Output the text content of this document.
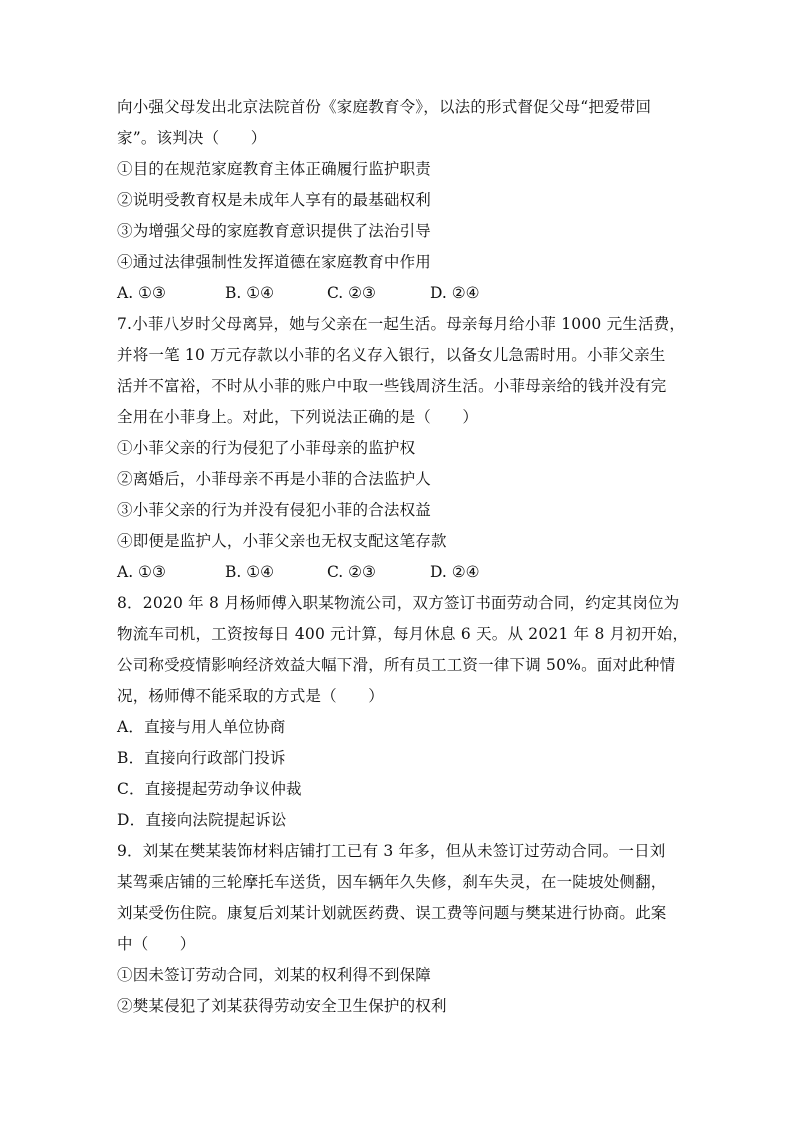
向小强父母发出北京法院首份《家庭教育令》，以法的形式督促父母“把爱带回
家”。该判决（　　）
①目的在规范家庭教育主体正确履行监护职责
②说明受教育权是未成年人享有的最基础权利
③为增强父母的家庭教育意识提供了法治引导
④通过法律强制性发挥道德在家庭教育中作用
A. ①③	B. ①④	C. ②③	D. ②④
7.小菲八岁时父母离异，她与父亲在一起生活。母亲每月给小菲 1000 元生活费，
并将一笔 10 万元存款以小菲的名义存入银行，以备女儿急需时用。小菲父亲生
活并不富裕，不时从小菲的账户中取一些钱周济生活。小菲母亲给的钱并没有完
全用在小菲身上。对此，下列说法正确的是（　　）
①小菲父亲的行为侵犯了小菲母亲的监护权
②离婚后，小菲母亲不再是小菲的合法监护人
③小菲父亲的行为并没有侵犯小菲的合法权益
④即便是监护人，小菲父亲也无权支配这笔存款
A. ①③	B. ①④	C. ②③	D. ②④
8．2020 年 8 月杨师傅入职某物流公司，双方签订书面劳动合同，约定其岗位为
物流车司机，工资按每日 400 元计算，每月休息 6 天。从 2021 年 8 月初开始，
公司称受疫情影响经济效益大幅下滑，所有员工工资一律下调 50%。面对此种情
况，杨师傅不能采取的方式是（　　）
A．直接与用人单位协商
B．直接向行政部门投诉
C．直接提起劳动争议仲裁
D．直接向法院提起诉讼
9．刘某在樊某装饰材料店铺打工已有 3 年多，但从未签订过劳动合同。一日刘
某驾乘店铺的三轮摩托车送货，因车辆年久失修，刹车失灵，在一陡坡处侧翻，
刘某受伤住院。康复后刘某计划就医药费、误工费等问题与樊某进行协商。此案
中（　　）
①因未签订劳动合同，刘某的权利得不到保障
②樊某侵犯了刘某获得劳动安全卫生保护的权利
